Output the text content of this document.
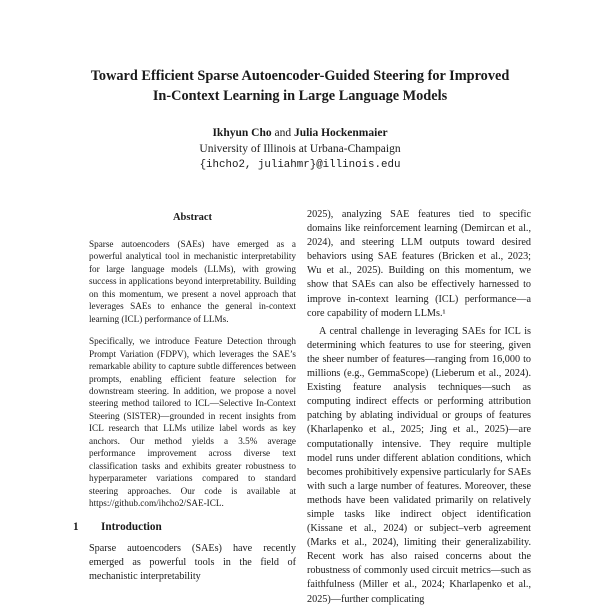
Toward Efficient Sparse Autoencoder-Guided Steering for Improved
In-Context Learning in Large Language Models
Ikhyun Cho and Julia Hockenmaier
University of Illinois at Urbana-Champaign
{ihcho2, juliahmr}@illinois.edu
Abstract

Sparse autoencoders (SAEs) have emerged as a powerful analytical tool in mechanistic interpretability for large language models (LLMs), with growing success in applications beyond interpretability. Building on this momentum, we present a novel approach that leverages SAEs to enhance the general in-context learning (ICL) performance of LLMs.

Specifically, we introduce Feature Detection through Prompt Variation (FDPV), which leverages the SAE’s remarkable ability to capture subtle differences between prompts, enabling efficient feature selection for downstream steering. In addition, we propose a novel steering method tailored to ICL—Selective In-Context Steering (SISTER)—grounded in recent insights from ICL research that LLMs utilize label words as key anchors. Our method yields a 3.5% average performance improvement across diverse text classification tasks and exhibits greater robustness to hyperparameter variations compared to standard steering approaches. Our code is available at https://github.com/ihcho2/SAE-ICL.

1 Introduction

Sparse autoencoders (SAEs) have recently emerged as powerful tools in the field of mechanistic interpretability

2025), analyzing SAE features tied to specific domains like reinforcement learning (Demircan et al., 2024), and steering LLM outputs toward desired behaviors using SAE features (Bricken et al., 2023; Wu et al., 2025). Building on this momentum, we show that SAEs can also be effectively harnessed to improve in-context learning (ICL) performance—a core capability of modern LLMs.¹

A central challenge in leveraging SAEs for ICL is determining which features to use for steering, given the sheer number of features—ranging from 16,000 to millions (e.g., GemmaScope) (Lieberum et al., 2024). Existing feature analysis techniques—such as computing indirect effects or performing attribution patching by ablating individual or groups of features (Kharlapenko et al., 2025; Jing et al., 2025)—are computationally intensive. They require multiple model runs under different ablation conditions, which becomes prohibitively expensive particularly for SAEs with such a large number of features. Moreover, these methods have been validated primarily on relatively simple tasks like indirect object identification (Kissane et al., 2024) or subject–verb agreement (Marks et al., 2024), limiting their generalizability. Recent work has also raised concerns about the robustness of commonly used circuit metrics—such as faithfulness (Miller et al., 2024; Kharlapenko et al., 2025)—further complicating
